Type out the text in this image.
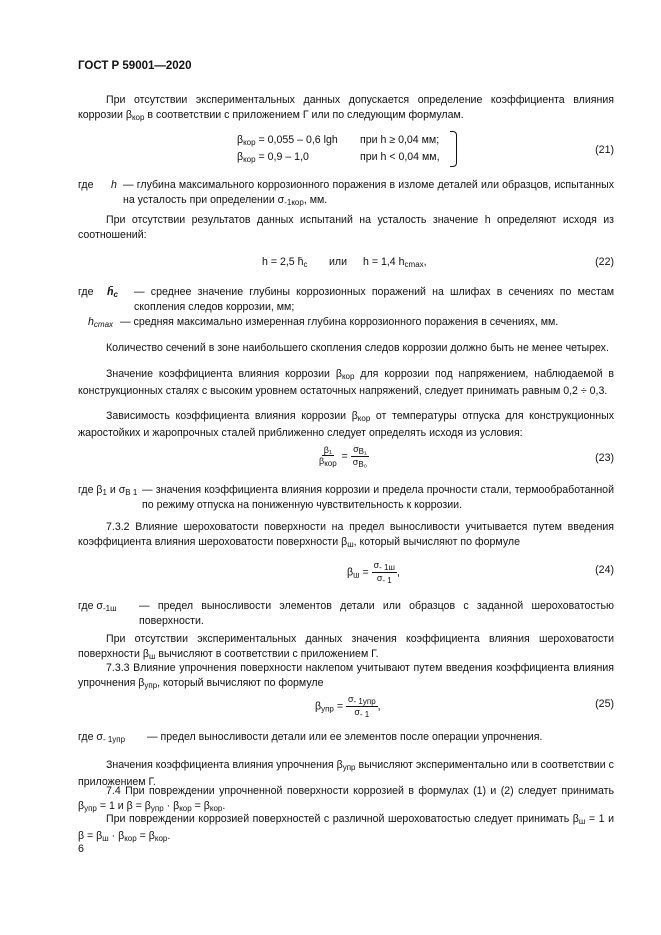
ГОСТ Р 59001—2020
При отсутствии экспериментальных данных допускается определение коэффициента влияния коррозии $\beta_{кор}$ в соответствии с приложением Г или по следующим формулам.
$\beta_{кор} = 0,055 - 0,6$ lgh при h ≥ 0,04 мм;
$\beta_{кор} = 0,9 - 1,0$	при h < 0,04 мм,
(21)
где h — глубина максимального коррозионного поражения в изломе деталей или образцов, испытанных на усталость при определении $\sigma_{-1кор}$, мм.
При отсутствии результатов данных испытаний на усталость значение h определяют исходя из соотношений:
h = 2,5 $h̄_c$ или h = 1,4 $h_{cmax}$,	(22)
где $h̄_c$ — среднее значение глубины коррозионных поражений на шлифах в сечениях по местам скопления следов коррозии, мм;
$h_{cmax}$ — средняя максимально измеренная глубина коррозионного поражения в сечениях, мм.
Количество сечений в зоне наибольшего скопления следов коррозии должно быть не менее четырех.
Значение коэффициента влияния коррозии $\beta_{кор}$ для коррозии под напряжением, наблюдаемой в конструкционных сталях с высоким уровнем остаточных напряжений, следует принимать равным 0,2 ÷ 0,3.
Зависимость коэффициента влияния коррозии $\beta_{кор}$ от температуры отпуска для конструкционных жаростойких и жаропрочных сталей приближенно следует определять исходя из условия:
$\frac{\text{β₁}}{\beta_{кор}} = \frac{\sigma_{B_1}}{\sigma_{B_0}}$	(23)
где $\beta_1$ и $\sigma_{B 1}$ — значения коэффициента влияния коррозии и предела прочности стали, термообработанной по режиму отпуска на пониженную чувствительность к коррозии.
7.3.2 Влияние шероховатости поверхности на предел выносливости учитывается путем введения коэффициента влияния шероховатости поверхности $\beta_ш$, который вычисляют по формуле
$\beta_ш = \frac{\sigma_{- 1ш}}{\sigma_{- 1}}$ ,	(24)
где $\sigma_{-1ш}$ — предел выносливости элементов детали или образцов с заданной шероховатостью поверхности.
При отсутствии экспериментальных данных значения коэффициента влияния шероховатости поверхности $\beta_ш$ вычисляют в соответствии с приложением Г.
7.3.3 Влияние упрочнения поверхности наклепом учитывают путем введения коэффициента влияния упрочнения $\beta_{упр}$, который вычисляют по формуле
$\beta_{упр} = \frac{\sigma_{- 1упр}}{\sigma_{- 1}}$ ,	(25)
где $\sigma_{- 1упр}$ — предел выносливости детали или ее элементов после операции упрочнения.
Значения коэффициента влияния упрочнения $\beta_{упр}$ вычисляют экспериментально или в соответствии с приложением Г.
7.4 При повреждении упрочненной поверхности коррозией в формулах (1) и (2) следует принимать $\beta_{упр} = 1$ и $\beta = \beta_{упр} \cdot \beta_{кор} = \beta_{кор}$.
При повреждении коррозией поверхностей с различной шероховатостью следует принимать $\beta_ш = 1$ и $\beta = \beta_ш \cdot \beta_{кор} = \beta_{кор}$.
6
